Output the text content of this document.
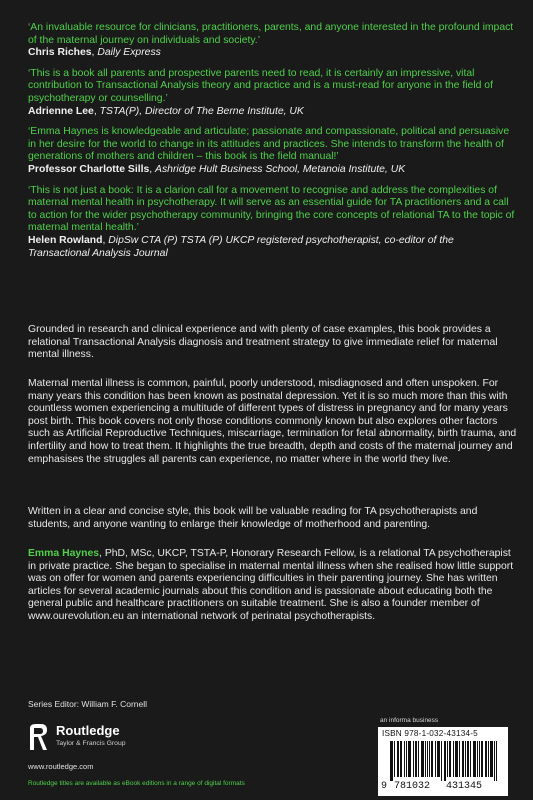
‘An invaluable resource for clinicians, practitioners, parents, and anyone interested in the profound impact of the maternal journey on individuals and society.’

Chris Riches, Daily Express

‘This is a book all parents and prospective parents need to read, it is certainly an impressive, vital contribution to Transactional Analysis theory and practice and is a must-read for anyone in the field of psychotherapy or counselling.’

Adrienne Lee, TSTA(P), Director of The Berne Institute, UK

‘Emma Haynes is knowledgeable and articulate; passionate and compassionate, political and persuasive in her desire for the world to change in its attitudes and practices. She intends to transform the health of generations of mothers and children – this book is the field manual!’

Professor Charlotte Sills, Ashridge Hult Business School, Metanoia Institute, UK

‘This is not just a book: It is a clarion call for a movement to recognise and address the complexities of maternal mental health in psychotherapy. It will serve as an essential guide for TA practitioners and a call to action for the wider psychotherapy community, bringing the core concepts of relational TA to the topic of maternal mental health.’

Helen Rowland, DipSw CTA (P) TSTA (P) UKCP registered psychotherapist, co-editor of the Transactional Analysis Journal

Grounded in research and clinical experience and with plenty of case examples, this book provides a relational Transactional Analysis diagnosis and treatment strategy to give immediate relief for maternal mental illness.

Maternal mental illness is common, painful, poorly understood, misdiagnosed and often unspoken. For many years this condition has been known as postnatal depression. Yet it is so much more than this with countless women experiencing a multitude of different types of distress in pregnancy and for many years post birth. This book covers not only those conditions commonly known but also explores other factors such as Artificial Reproductive Techniques, miscarriage, termination for fetal abnormality, birth trauma, and infertility and how to treat them. It highlights the true breadth, depth and costs of the maternal journey and emphasises the struggles all parents can experience, no matter where in the world they live.

Written in a clear and concise style, this book will be valuable reading for TA psychotherapists and students, and anyone wanting to enlarge their knowledge of motherhood and parenting.

Emma Haynes, PhD, MSc, UKCP, TSTA-P, Honorary Research Fellow, is a relational TA psychotherapist in private practice. She began to specialise in maternal mental illness when she realised how little support was on offer for women and parents experiencing difficulties in their parenting journey. She has written articles for several academic journals about this condition and is passionate about educating both the general public and healthcare practitioners on suitable treatment. She is also a founder member of www.ourevolution.eu an international network of perinatal psychotherapists.

Series Editor: William F. Cornell
Routledge
Taylor & Francis Group
www.routledge.com
Routledge titles are available as eBook editions in a range of digital formats
an informa business
ISBN 978-1-032-43134-5
9 781032 431345
